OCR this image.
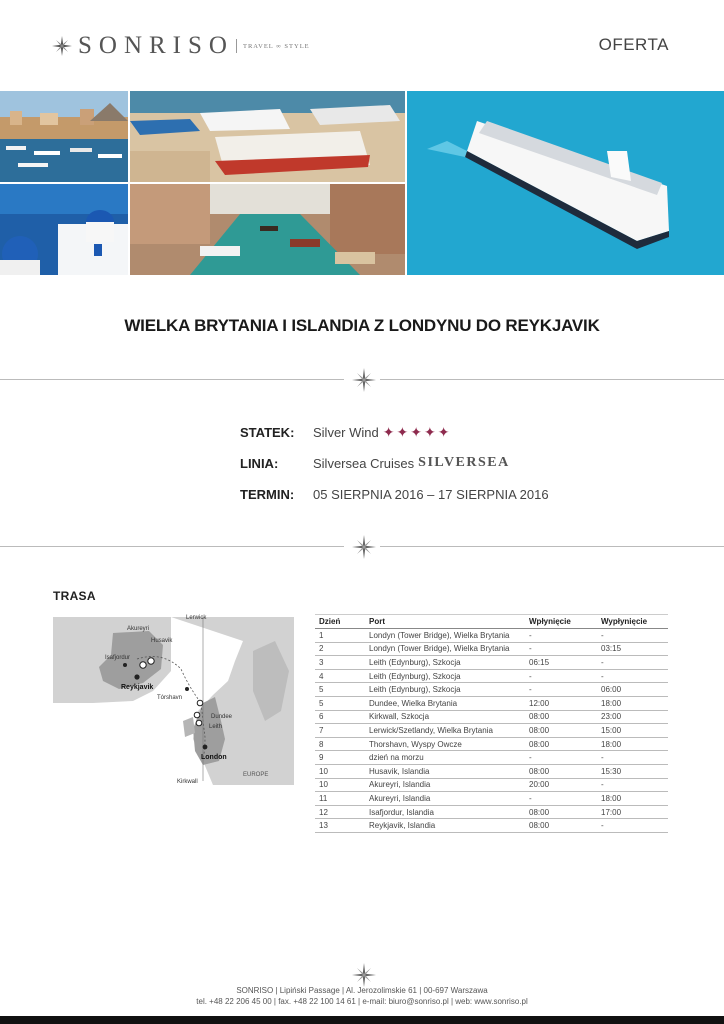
SONRISO TRAVEL ∞ STYLE	OFERTA
WIELKA BRYTANIA I ISLANDIA Z LONDYNU DO REYKJAVIK
STATEK:	Silver Wind ✦ ✦ ✦ ✦ ✦
LINIA:	Silversea Cruises SILVERSEA
TERMIN:	05 SIERPNIA 2016 – 17 SIERPNIA 2016
TRASA
Lerwick
Akureyri
Husavik
Isafjordur
Reykjavik
Tórshavn
Dundee
Leith
London
Kirkwall
EUROPE
Dzień	Port	Wpłynięcie	Wypłynięcie
1	Londyn (Tower Bridge), Wielka Brytania	-	-
2	Londyn (Tower Bridge), Wielka Brytania	-	03:15
3	Leith (Edynburg), Szkocja	06:15	-
4	Leith (Edynburg), Szkocja	-	-
5	Leith (Edynburg), Szkocja	-	06:00
5	Dundee, Wielka Brytania	12:00	18:00
6	Kirkwall, Szkocja	08:00	23:00
7	Lerwick/Szetlandy, Wielka Brytania	08:00	15:00
8	Thorshavn, Wyspy Owcze	08:00	18:00
9	dzień na morzu	-	-
10	Husavik, Islandia	08:00	15:30
10	Akureyri, Islandia	20:00	-
11	Akureyri, Islandia	-	18:00
12	Isafjordur, Islandia	08:00	17:00
13	Reykjavik, Islandia	08:00	-
SONRISO | Lipiński Passage | Al. Jerozolimskie 61 | 00-697 Warszawa
tel. +48 22 206 45 00 | fax. +48 22 100 14 61 | e-mail: biuro@sonriso.pl | web: www.sonriso.pl
